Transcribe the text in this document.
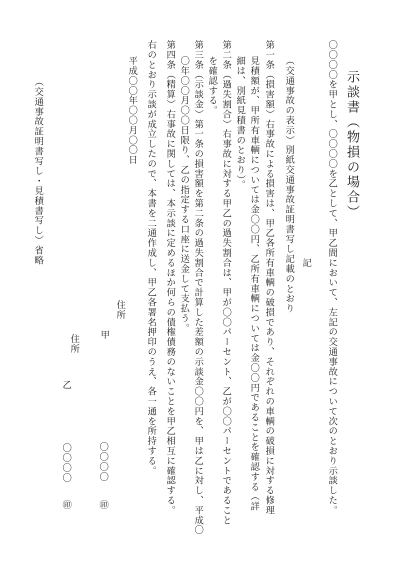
示談書（物損の場合）
〇〇〇〇を甲とし、〇〇〇〇を乙として、甲乙間において、左記の交通事故について次のとおり示談した。
記
（交通事故の表示）別紙交通事故証明書写し記載のとおり
第一条（損害額）右事故による損害は、甲乙各所有車輌の破損であり、それぞれの車輌の破損に対する修理
見積額が、甲所有車輌については金〇〇円、乙所有車輌については金〇〇円であることを確認する（詳
細は、別紙見積書のとおり）。
第二条（過失割合）右事故に対する甲乙の過失割合は、甲が〇〇パーセント、乙が〇〇パーセントであること
を確認する。
第三条（示談金）第一条の損害額を第二条の過失割合で計算した差額の示談金〇〇円を、甲は乙に対し、平成〇
〇年〇〇月〇〇日限り、乙の指定する口座に送金して支払う。
第四条（精算）右事故に関しては、本示談に定めるほか何らの債権債務のないことを甲乙相互に確認する。
右のとおり示談が成立したので、本書を二通作成し、甲乙各署名押印のうえ、各一通を所持する。
平成〇〇年〇〇月〇〇日
（交通事故証明書写し・見積書写し）省略
住所
甲
〇〇〇〇
㊞
住所
乙
〇〇〇〇
㊞
